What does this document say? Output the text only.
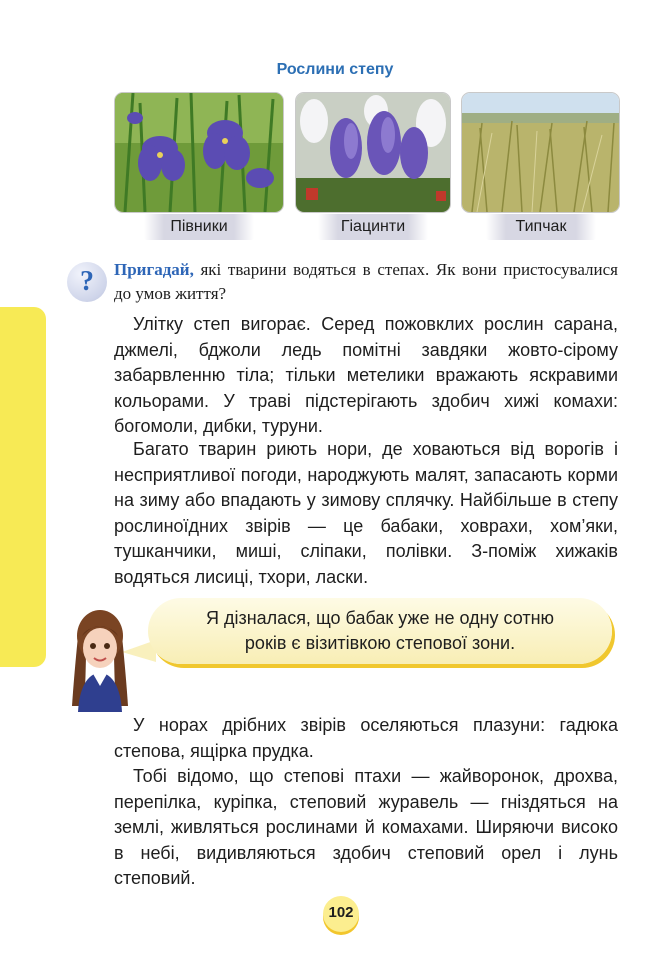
Рослини степу
Півники	Гіацинти	Типчак
?	Пригадай, які тварини водяться в степах. Як вони пристосувалися до умов життя?

Улітку степ вигорає. Серед пожовклих рослин сарана, джмелі, бджоли ледь помітні завдяки жовто-сірому забарвленню тіла; тільки метелики вражають яскравими кольорами. У траві підстерігають здобич хижі комахи: богомоли, дибки, туруни.

Багато тварин риють нори, де ховаються від ворогів і несприятливої погоди, народжують малят, запасають корми на зиму або впадають у зимову сплячку. Найбільше в степу рослиноїдних звірів — це бабаки, ховрахи, хом’яки, тушканчики, миші, сліпаки, полівки. З-поміж хижаків водяться лисиці, тхори, ласки.

Я дізналася, що бабак уже не одну сотню
років є візитівкою степової зони.

У норах дрібних звірів оселяються плазуни: гадюка степова, ящірка прудка.

Тобі відомо, що степові птахи — жайворонок, дрохва, перепілка, куріпка, степовий журавель — гніздяться на землі, живляться рослинами й комахами. Ширяючи високо в небі, видивляються здобич степовий орел і лунь степовий.

102
